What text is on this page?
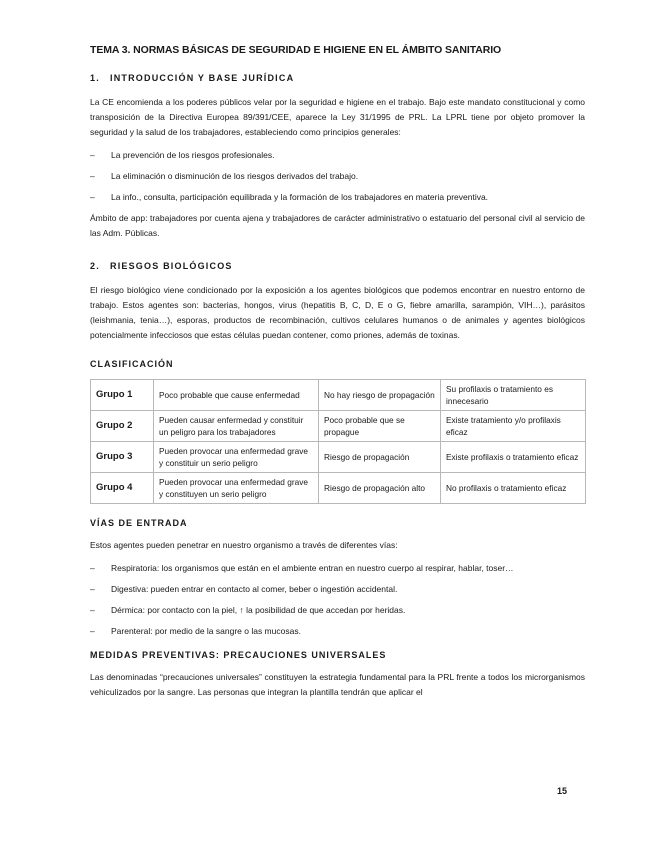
TEMA 3. NORMAS BÁSICAS DE SEGURIDAD E HIGIENE EN EL ÁMBITO SANITARIO
1.	INTRODUCCIÓN Y BASE JURÍDICA

La CE encomienda a los poderes públicos velar por la seguridad e higiene en el trabajo. Bajo este mandato constitucional y como transposición de la Directiva Europea 89/391/CEE, aparece la Ley 31/1995 de PRL. La LPRL tiene por objeto promover la seguridad y la salud de los trabajadores, estableciendo como principios generales:

–	La prevención de los riesgos profesionales.
–	La eliminación o disminución de los riesgos derivados del trabajo.
–	La info., consulta, participación equilibrada y la formación de los trabajadores en materia preventiva.

Ámbito de app: trabajadores por cuenta ajena y trabajadores de carácter administrativo o estatuario del personal civil al servicio de las Adm. Públicas.

2.	RIESGOS BIOLÓGICOS

El riesgo biológico viene condicionado por la exposición a los agentes biológicos que podemos encontrar en nuestro entorno de trabajo. Estos agentes son: bacterias, hongos, virus (hepatitis B, C, D, E o G, fiebre amarilla, sarampión, VIH…), parásitos (leishmania, tenia…), esporas, productos de recombinación, cultivos celulares humanos o de animales y agentes biológicos potencialmente infecciosos que estas células puedan contener, como priones, además de toxinas.

CLASIFICACIÓN
Grupo 1	Poco probable que cause enfermedad	No hay riesgo de propagación	Su profilaxis o tratamiento es innecesario
Grupo 2	Pueden causar enfermedad y constituir un peligro para los trabajadores	Poco probable que se propague	Existe tratamiento y/o profilaxis eficaz
Grupo 3	Pueden provocar una enfermedad grave y constituir un serio peligro	Riesgo de propagación	Existe profilaxis o tratamiento eficaz
Grupo 4	Pueden provocar una enfermedad grave y constituyen un serio peligro	Riesgo de propagación alto	No profilaxis o tratamiento eficaz
VÍAS DE ENTRADA

Estos agentes pueden penetrar en nuestro organismo a través de diferentes vías:

–	Respiratoria: los organismos que están en el ambiente entran en nuestro cuerpo al respirar, hablar, toser…
–	Digestiva: pueden entrar en contacto al comer, beber o ingestión accidental.
–	Dérmica: por contacto con la piel, ↑ la posibilidad de que accedan por heridas.
–	Parenteral: por medio de la sangre o las mucosas.
MEDIDAS PREVENTIVAS: PRECAUCIONES UNIVERSALES

Las denominadas “precauciones universales” constituyen la estrategia fundamental para la PRL frente a todos los microrganismos vehiculizados por la sangre. Las personas que integran la plantilla tendrán que aplicar el

15
